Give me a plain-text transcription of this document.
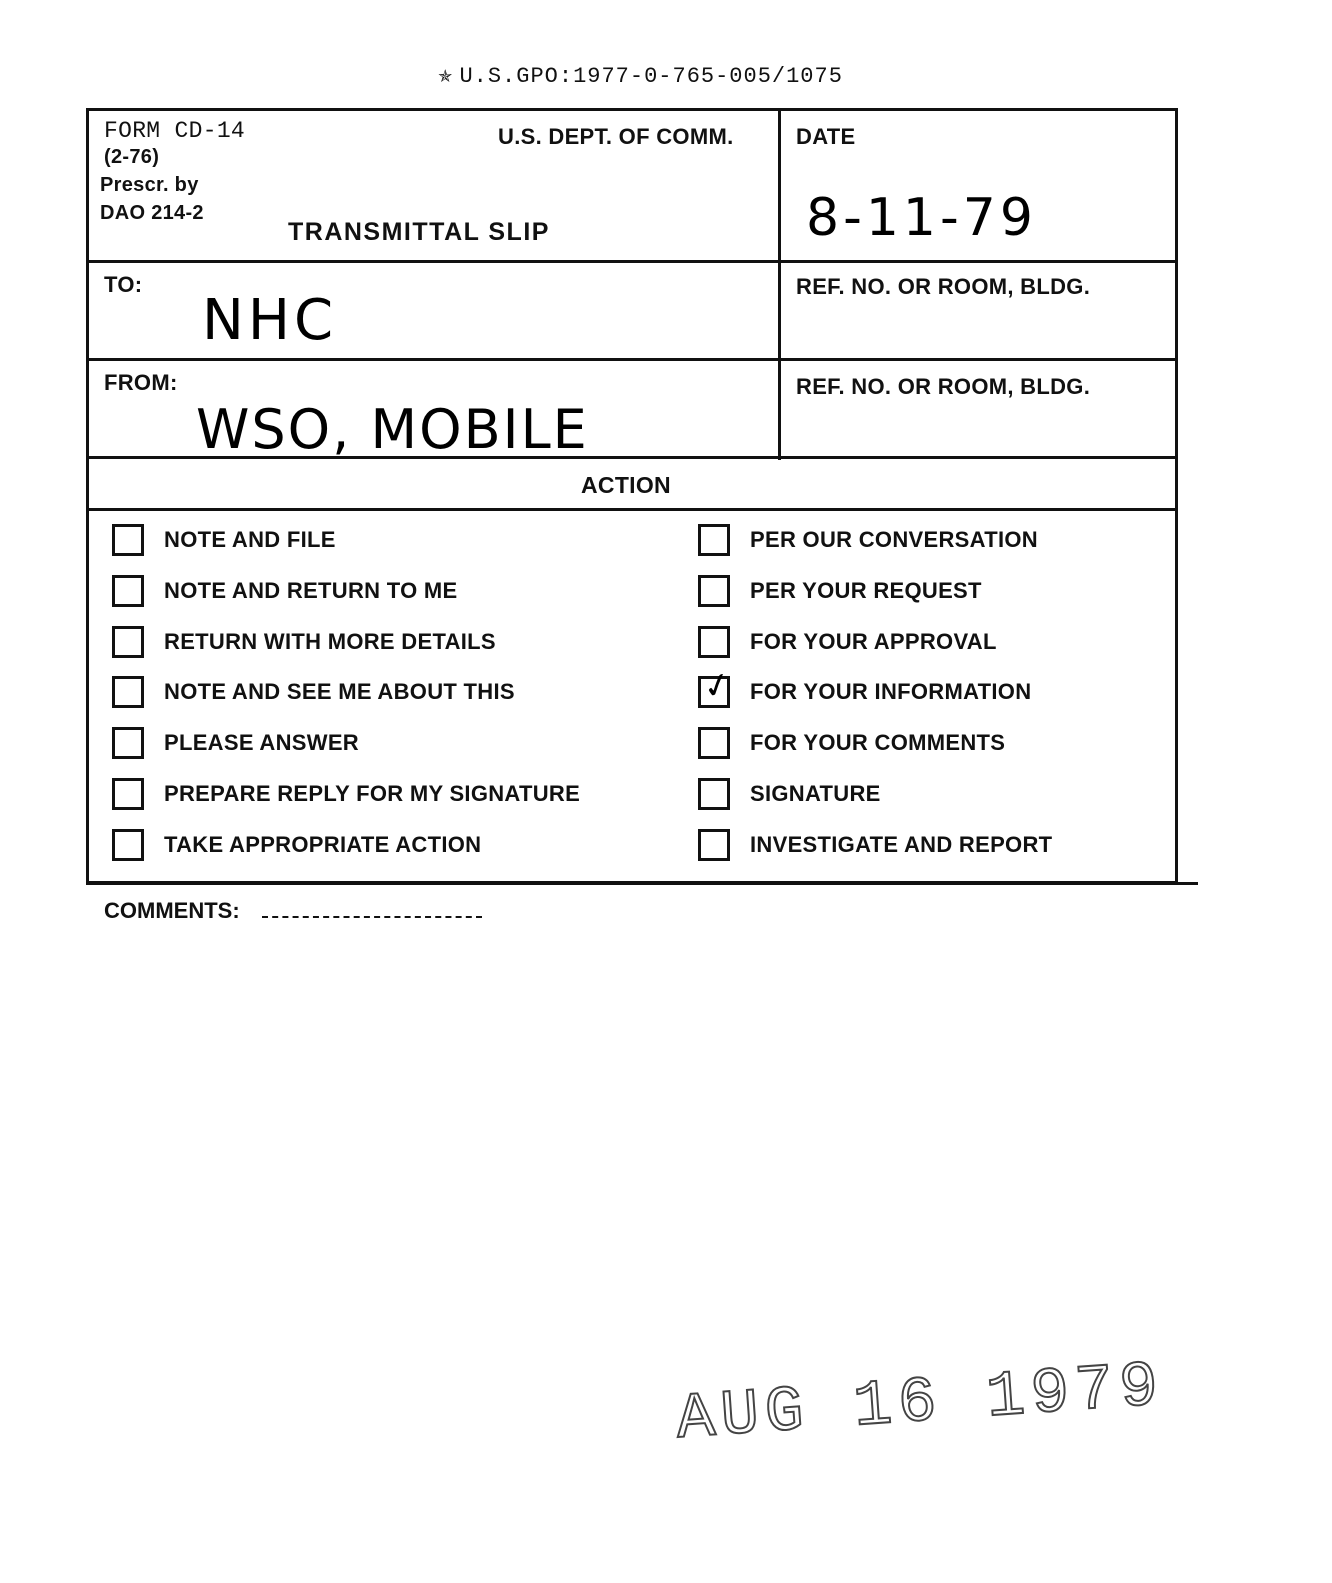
✯ U.S.GPO:1977-0-765-005/1075
FORM CD-14
(2-76)
Prescr. by
DAO 214-2
U.S. DEPT. OF COMM.
TRANSMITTAL SLIP
DATE
8-11-79
TO:
NHC
REF. NO. OR ROOM, BLDG.
FROM:
WSO, MOBILE
REF. NO. OR ROOM, BLDG.
ACTION
NOTE AND FILE
NOTE AND RETURN TO ME
RETURN WITH MORE DETAILS
NOTE AND SEE ME ABOUT THIS
PLEASE ANSWER
PREPARE REPLY FOR MY SIGNATURE
TAKE APPROPRIATE ACTION
PER OUR CONVERSATION
PER YOUR REQUEST
FOR YOUR APPROVAL
✓ FOR YOUR INFORMATION
FOR YOUR COMMENTS
SIGNATURE
INVESTIGATE AND REPORT
COMMENTS:
AUG 16 1979
